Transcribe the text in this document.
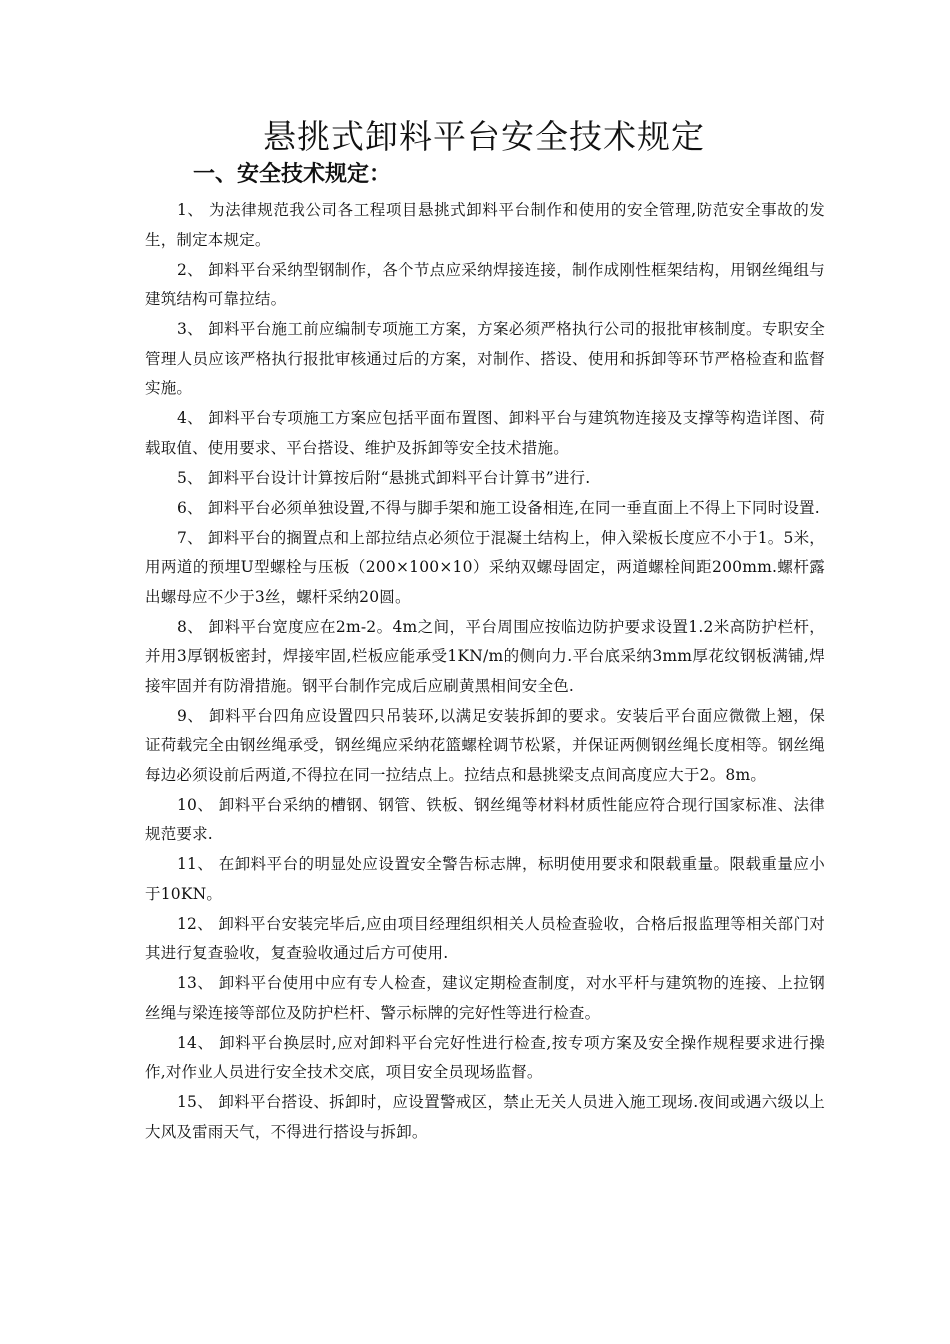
悬挑式卸料平台安全技术规定
一、安全技术规定：

1、 为法律规范我公司各工程项目悬挑式卸料平台制作和使用的安全管理,防范安全事故的发生，制定本规定。

2、 卸料平台采纳型钢制作，各个节点应采纳焊接连接，制作成刚性框架结构，用钢丝绳组与建筑结构可靠拉结。

3、 卸料平台施工前应编制专项施工方案，方案必须严格执行公司的报批审核制度。专职安全管理人员应该严格执行报批审核通过后的方案，对制作、搭设、使用和拆卸等环节严格检查和监督实施。

4、 卸料平台专项施工方案应包括平面布置图、卸料平台与建筑物连接及支撑等构造详图、荷载取值、使用要求、平台搭设、维护及拆卸等安全技术措施。

5、 卸料平台设计计算按后附“悬挑式卸料平台计算书”进行.

6、 卸料平台必须单独设置,不得与脚手架和施工设备相连,在同一垂直面上不得上下同时设置.

7、 卸料平台的搁置点和上部拉结点必须位于混凝土结构上，伸入梁板长度应不小于1。5米，用两道的预埋U型螺栓与压板（200×100×10）采纳双螺母固定，两道螺栓间距200mm.螺杆露出螺母应不少于3丝，螺杆采纳20圆。

8、 卸料平台宽度应在2m-2。4m之间，平台周围应按临边防护要求设置1.2米高防护栏杆，并用3厚钢板密封，焊接牢固,栏板应能承受1KN/m的侧向力.平台底采纳3mm厚花纹钢板满铺,焊接牢固并有防滑措施。钢平台制作完成后应刷黄黑相间安全色.

9、 卸料平台四角应设置四只吊装环,以满足安装拆卸的要求。安装后平台面应微微上翘，保证荷载完全由钢丝绳承受，钢丝绳应采纳花篮螺栓调节松紧，并保证两侧钢丝绳长度相等。钢丝绳每边必须设前后两道,不得拉在同一拉结点上。拉结点和悬挑梁支点间高度应大于2。8m。

10、 卸料平台采纳的槽钢、钢管、铁板、钢丝绳等材料材质性能应符合现行国家标准、法律规范要求.

11、 在卸料平台的明显处应设置安全警告标志牌，标明使用要求和限载重量。限载重量应小于10KN。

12、 卸料平台安装完毕后,应由项目经理组织相关人员检查验收，合格后报监理等相关部门对其进行复查验收，复查验收通过后方可使用.

13、 卸料平台使用中应有专人检查，建议定期检查制度，对水平杆与建筑物的连接、上拉钢丝绳与梁连接等部位及防护栏杆、警示标牌的完好性等进行检查。

14、 卸料平台换层时,应对卸料平台完好性进行检查,按专项方案及安全操作规程要求进行操作,对作业人员进行安全技术交底，项目安全员现场监督。

15、 卸料平台搭设、拆卸时，应设置警戒区，禁止无关人员进入施工现场.夜间或遇六级以上大风及雷雨天气，不得进行搭设与拆卸。
